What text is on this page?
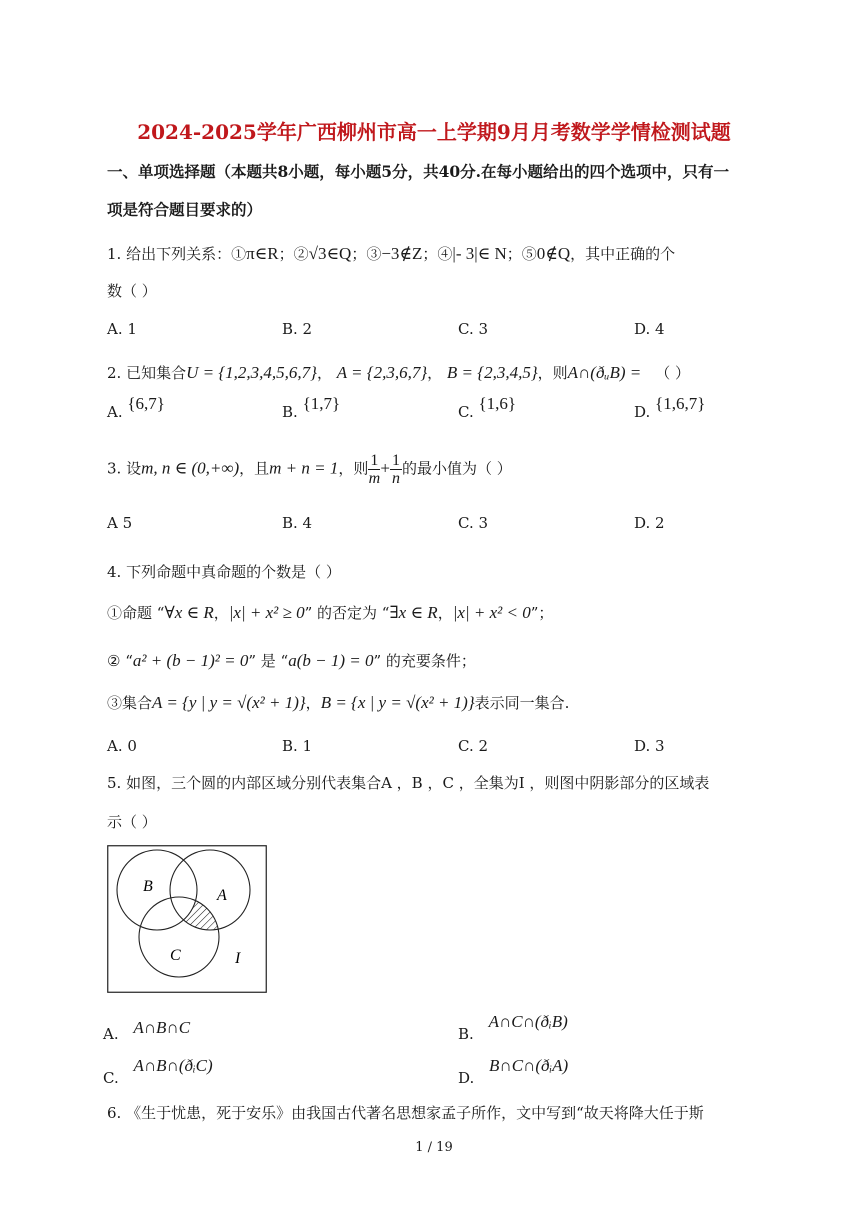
2024-2025学年广西柳州市高一上学期9月月考数学学情检测试题
一、单项选择题（本题共8小题，每小题5分，共40分.在每小题给出的四个选项中，只有一
项是符合题目要求的）
1. 给出下列关系：①π∈R；②√3∈Q；③−3∉Z；④|- 3|∈ N；⑤0∉Q，其中正确的个
数（ ）
A. 1	B. 2	C. 3	D. 4
2. 已知集合U = {1,2,3,4,5,6,7}， A = {2,3,6,7}， B = {2,3,4,5}，则A∩(ðᵤB) = （ ）
A. {6,7}	B. {1,7}	C. {1,6}	D. {1,6,7}
3. 设m, n ∈ (0,+∞)，且m + n = 1，则 $\frac{1}{m} + \frac{1}{n}$ 的最小值为（ ）
A 5	B. 4	C. 3	D. 2
4. 下列命题中真命题的个数是（ ）
①命题 “∀x ∈ R，|x| + x² ≥ 0” 的否定为 “∃x ∈ R，|x| + x² < 0”；
② “a² + (b − 1)² = 0” 是 “a(b − 1) = 0” 的充要条件；
③集合A = {y | y = √(x² + 1)}，B = {x | y = √(x² + 1)}表示同一集合.
A. 0	B. 1	C. 2	D. 3
5. 如图，三个圆的内部区域分别代表集合A ，B ，C ，全集为I ，则图中阴影部分的区域表
示（ ）
B
A
C	I
A. A∩B∩C	B. A∩C∩(ðᵢB)
C. A∩B∩(ðᵢC)
D. B∩C∩(ðᵢA)
6. 《生于忧患，死于安乐》由我国古代著名思想家孟子所作，文中写到“故天将降大任于斯
1 / 19
